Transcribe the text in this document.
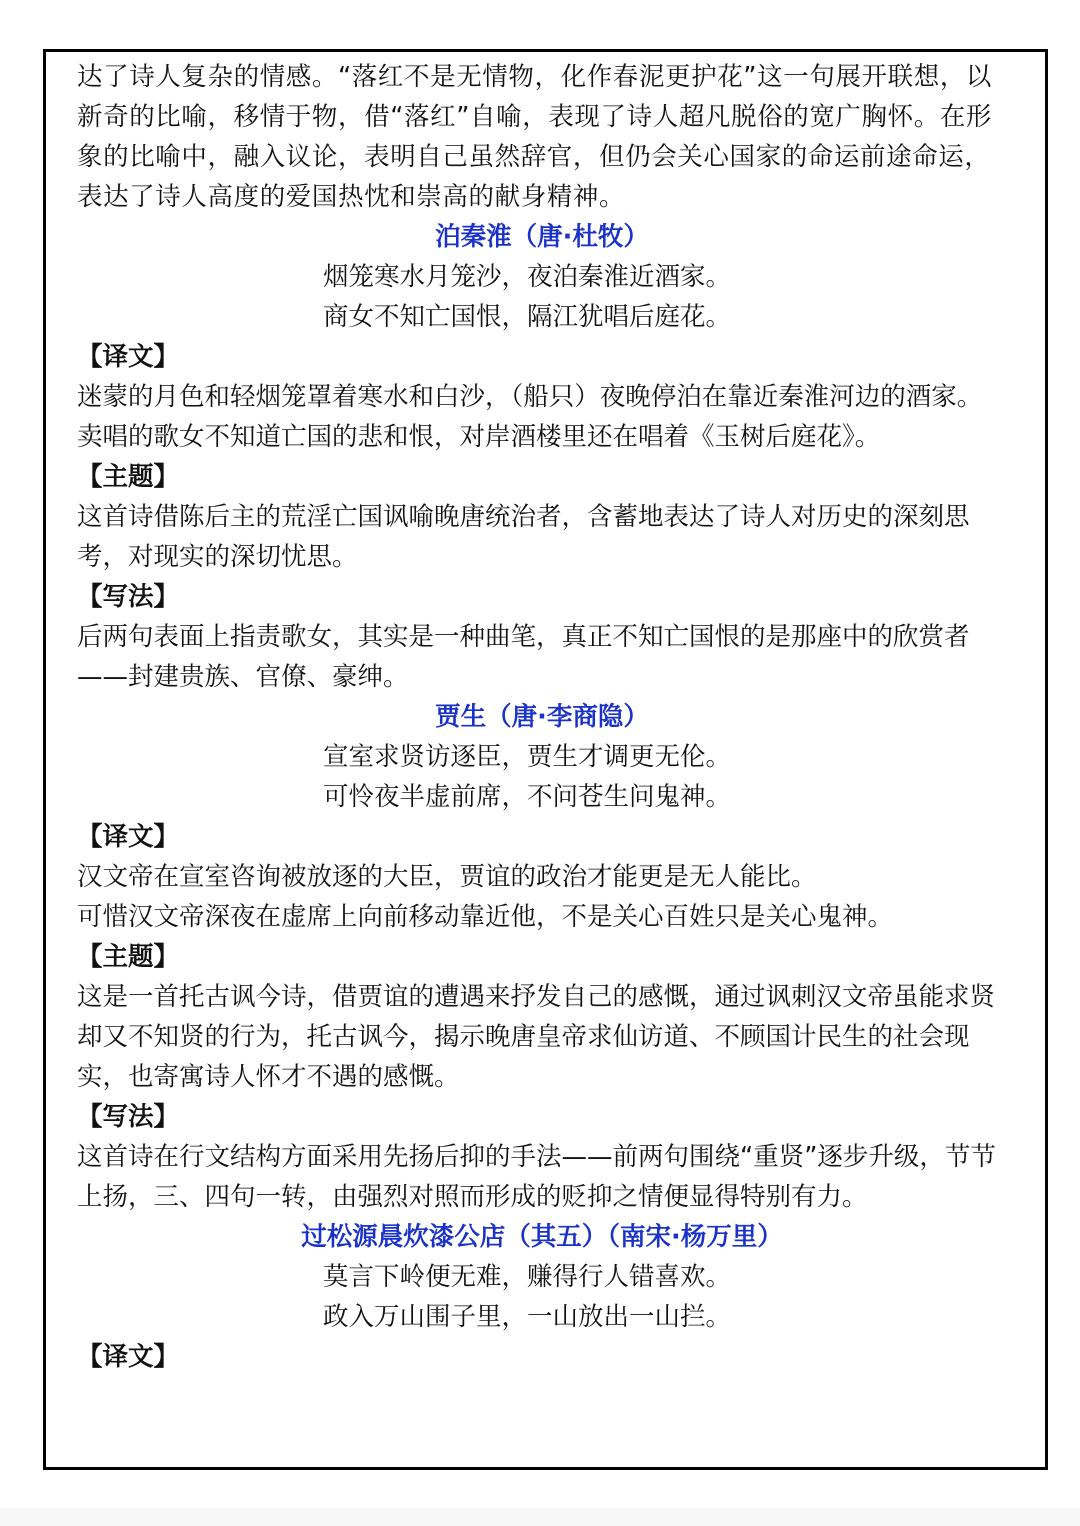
达了诗人复杂的情感。“落红不是无情物，化作春泥更护花”这一句展开联想，以新奇的比喻，移情于物，借“落红”自喻，表现了诗人超凡脱俗的宽广胸怀。在形象的比喻中，融入议论，表明自己虽然辞官，但仍会关心国家的命运前途命运，表达了诗人高度的爱国热忱和崇高的献身精神。

泊秦淮（唐·杜牧）

烟笼寒水月笼沙，夜泊秦淮近酒家。

商女不知亡国恨，隔江犹唱后庭花。

【译文】

迷蒙的月色和轻烟笼罩着寒水和白沙，（船只）夜晚停泊在靠近秦淮河边的酒家。

卖唱的歌女不知道亡国的悲和恨，对岸酒楼里还在唱着《玉树后庭花》。

【主题】

这首诗借陈后主的荒淫亡国讽喻晚唐统治者，含蓄地表达了诗人对历史的深刻思考，对现实的深切忧思。

【写法】

后两句表面上指责歌女，其实是一种曲笔，真正不知亡国恨的是那座中的欣赏者——封建贵族、官僚、豪绅。

贾生（唐·李商隐）

宣室求贤访逐臣，贾生才调更无伦。

可怜夜半虚前席，不问苍生问鬼神。

【译文】

汉文帝在宣室咨询被放逐的大臣，贾谊的政治才能更是无人能比。

可惜汉文帝深夜在虚席上向前移动靠近他，不是关心百姓只是关心鬼神。

【主题】

这是一首托古讽今诗，借贾谊的遭遇来抒发自己的感慨，通过讽刺汉文帝虽能求贤却又不知贤的行为，托古讽今，揭示晚唐皇帝求仙访道、不顾国计民生的社会现实，也寄寓诗人怀才不遇的感慨。

【写法】

这首诗在行文结构方面采用先扬后抑的手法——前两句围绕“重贤”逐步升级，节节上扬，三、四句一转，由强烈对照而形成的贬抑之情便显得特别有力。

过松源晨炊漆公店（其五）（南宋·杨万里）

莫言下岭便无难，赚得行人错喜欢。

政入万山围子里，一山放出一山拦。

【译文】
